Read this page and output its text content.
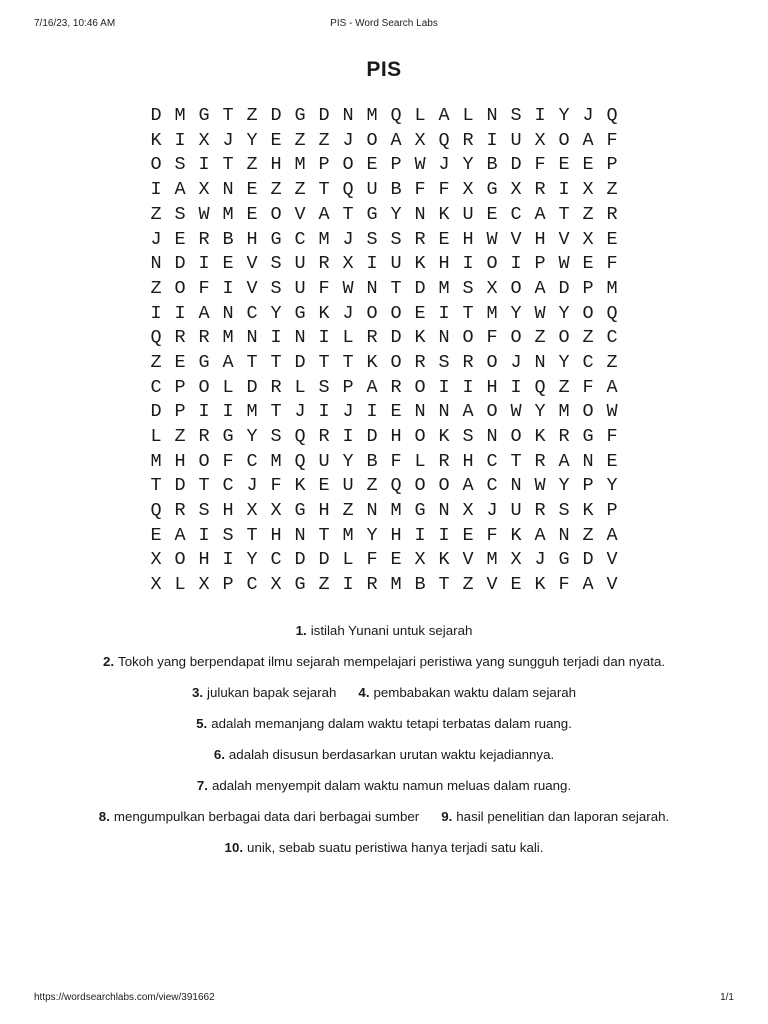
7/16/23, 10:46 AM	PIS - Word Search Labs
PIS
D M G T Z D G D N M Q L A L N S I Y J Q
K I X J Y E Z Z J O A X Q R I U X O A F
O S I T Z H M P O E P W J Y B D F E E P
I A X N E Z Z T Q U B F F X G X R I X Z
Z S W M E O V A T G Y N K U E C A T Z R
J E R B H G C M J S S R E H W V H V X E
N D I E V S U R X I U K H I O I P W E F
Z O F I V S U F W N T D M S X O A D P M
I I A N C Y G K J O O E I T M Y W Y O Q
Q R R M N I N I L R D K N O F O Z O Z C
Z E G A T T D T T K O R S R O J N Y C Z
C P O L D R L S P A R O I I H I Q Z F A
D P I I M T J I J I E N N A O W Y M O W
L Z R G Y S Q R I D H O K S N O K R G F
M H O F C M Q U Y B F L R H C T R A N E
T D T C J F K E U Z Q O O A C N W Y P Y
Q R S H X X G H Z N M G N X J U R S K P
E A I S T H N T M Y H I I E F K A N Z A
X O H I Y C D D L F E X K V M X J G D V
X L X P C X G Z I R M B T Z V E K F A V
1. istilah Yunani untuk sejarah
2. Tokoh yang berpendapat ilmu sejarah mempelajari peristiwa yang sungguh terjadi dan nyata.
3. julukan bapak sejarah 4. pembabakan waktu dalam sejarah
5. adalah memanjang dalam waktu tetapi terbatas dalam ruang.
6. adalah disusun berdasarkan urutan waktu kejadiannya.
7. adalah menyempit dalam waktu namun meluas dalam ruang.
8. mengumpulkan berbagai data dari berbagai sumber 9. hasil penelitian dan laporan sejarah.
10. unik, sebab suatu peristiwa hanya terjadi satu kali.
https://wordsearchlabs.com/view/391662	1/1
